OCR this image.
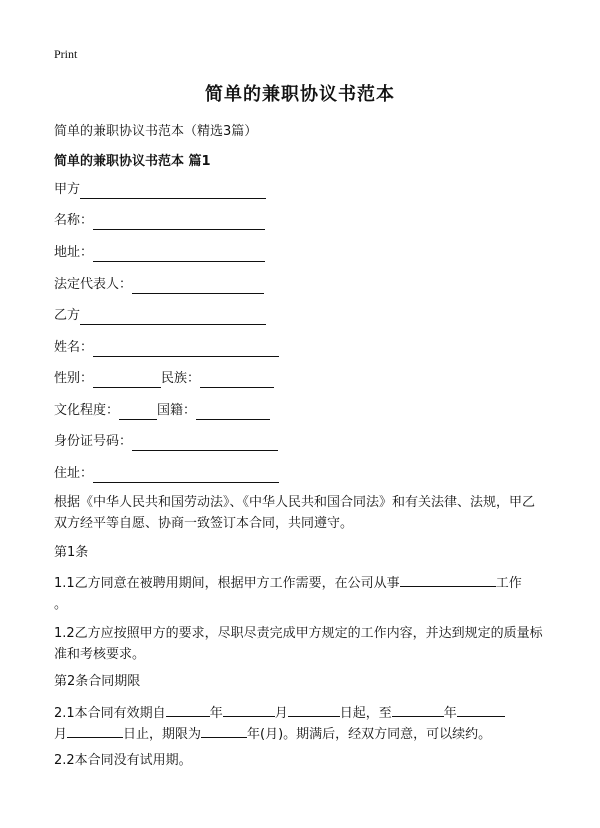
Print
简单的兼职协议书范本
简单的兼职协议书范本（精选3篇）
简单的兼职协议书范本 篇1
甲方
名称：
地址：
法定代表人：
乙方
姓名：
性别：	民族：
文化程度：	国籍：
身份证号码：
住址：
根据《中华人民共和国劳动法》、《中华人民共和国合同法》和有关法律、法规，甲乙双方经平等自愿、协商一致签订本合同，共同遵守。
第1条
1.1乙方同意在被聘用期间，根据甲方工作需要，在公司从事	工作
。
1.2乙方应按照甲方的要求，尽职尽责完成甲方规定的工作内容，并达到规定的质量标准和考核要求。
第2条合同期限
2.1本合同有效期自	年	月	日起，至	年
月	日止，期限为	年(月)。期满后，经双方同意，可以续约。
2.2本合同没有试用期。
